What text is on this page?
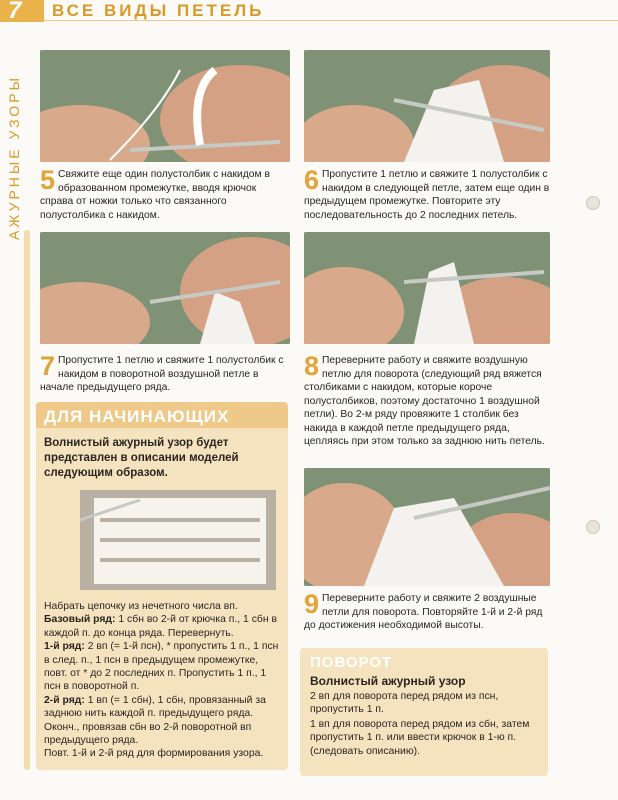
7 ВСЕ ВИДЫ ПЕТЕЛЬ
АЖУРНЫЕ УЗОРЫ 5 Свяжите еще один полустолбик с накидом в образованном промежутке, вводя крючок справа от ножки только что связанного полустолбика с накидом.
6 Пропустите 1 петлю и свяжите 1 полустолбик с накидом в следующей петле, затем еще один в предыдущем промежутке. Повторите эту последовательность до 2 последних петель.
7 Пропустите 1 петлю и свяжите 1 полустолбик с накидом в поворотной воздушной петле в начале предыдущего ряда.
8 Переверните работу и свяжите воздушную петлю для поворота (следующий ряд вяжется столбиками с накидом, которые короче полустолбиков, поэтому достаточно 1 воздушной петли). Во 2-м ряду провяжите 1 столбик без накида в каждой петле предыдущего ряда, цепляясь при этом только за заднюю нить петель.
9 Переверните работу и свяжите 2 воздушные петли для поворота. Повторяйте 1-й и 2-й ряд до достижения необходимой высоты.
ДЛЯ НАЧИНАЮЩИХ
Волнистый ажурный узор будет представлен в описании моделей следующим образом.

Набрать цепочку из нечетного числа вп.

Базовый ряд: 1 сбн во 2-й от крючка п., 1 сбн в каждой п. до конца ряда. Перевернуть.

1-й ряд: 2 вп (= 1-й псн), * пропустить 1 п., 1 псн в след. п., 1 псн в предыдущем промежутке, повт. от * до 2 последних п. Пропустить 1 п., 1 псн в поворотной п.

2-й ряд: 1 вп (= 1 сбн), 1 сбн, провязанный за заднюю нить каждой п. предыдущего ряда. Оконч., провязав сбн во 2-й поворотной вп предыдущего ряда.

Повт. 1-й и 2-й ряд для формирования узора.

ПОВОРОТ
Волнистый ажурный узор

2 вп для поворота перед рядом из псн, пропустить 1 п.

1 вп для поворота перед рядом из сбн, затем пропустить 1 п. или ввести крючок в 1-ю п. (следовать описанию).
